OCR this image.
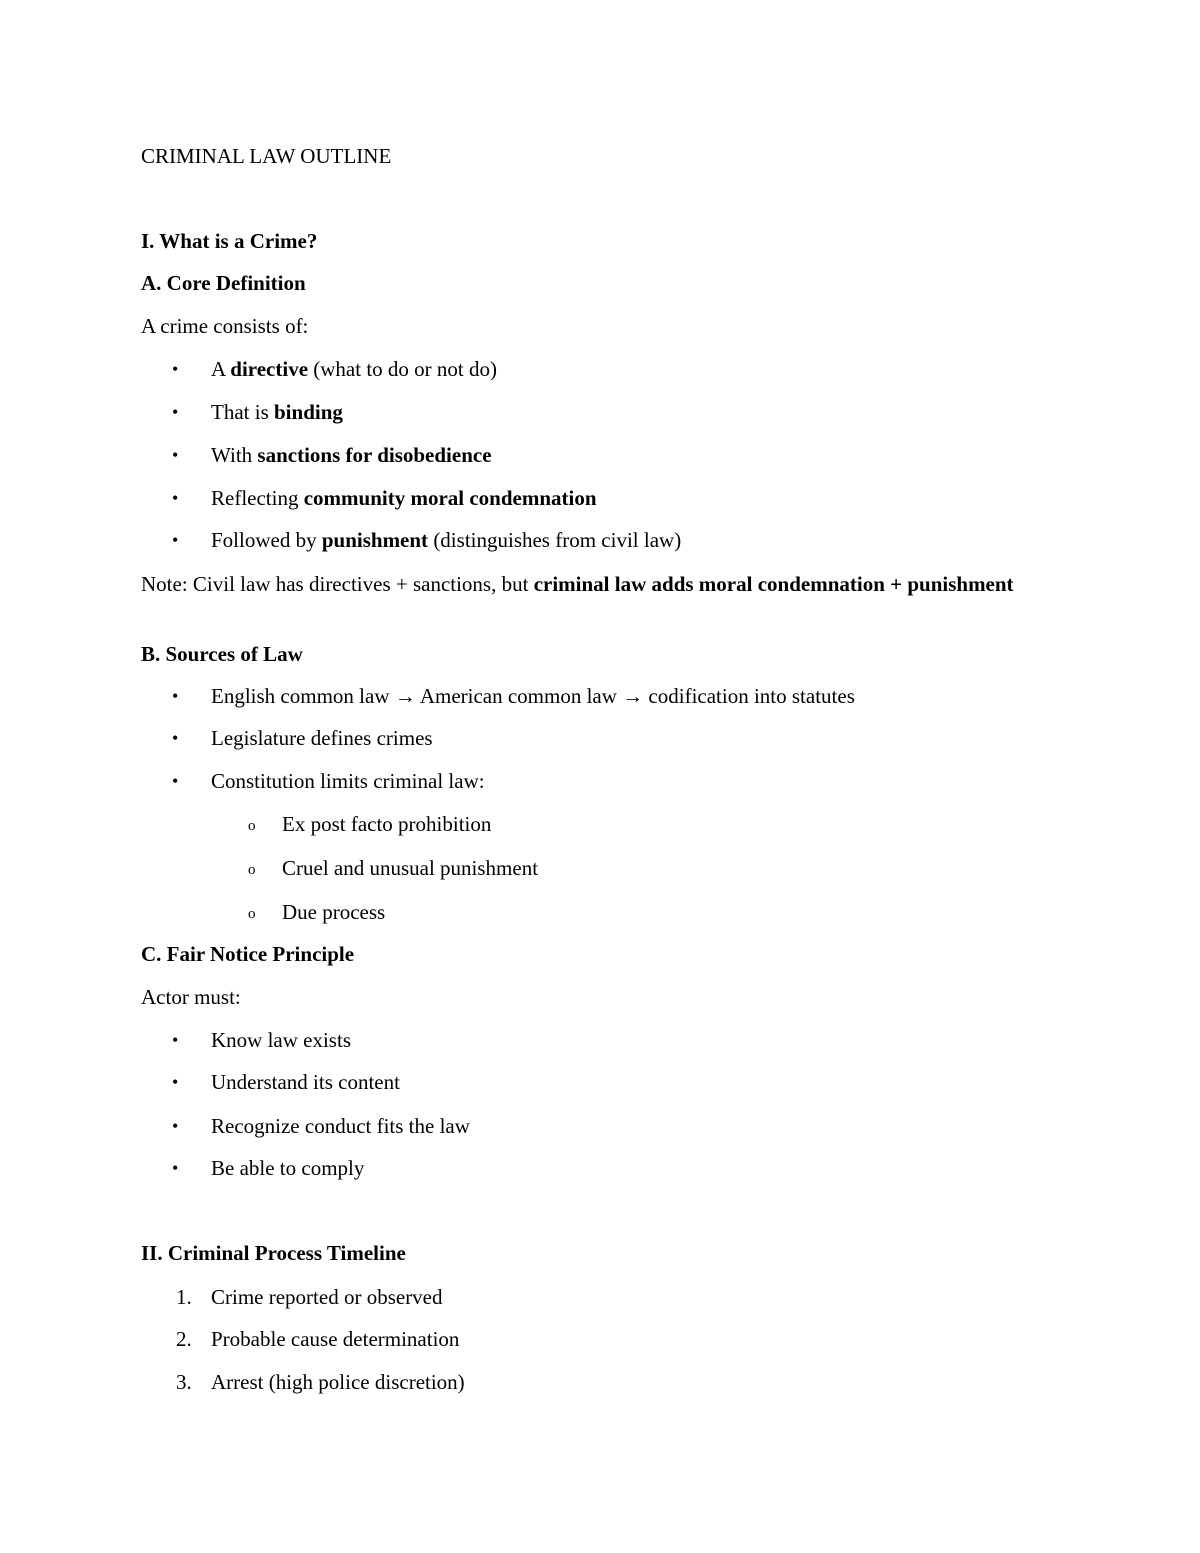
CRIMINAL LAW OUTLINE
I. What is a Crime?
A. Core Definition
A crime consists of:
• A directive (what to do or not do)
• That is binding
• With sanctions for disobedience
• Reflecting community moral condemnation
• Followed by punishment (distinguishes from civil law)
Note: Civil law has directives + sanctions, but criminal law adds moral condemnation + punishment
B. Sources of Law
• English common law → American common law → codification into statutes
• Legislature defines crimes
• Constitution limits criminal law:
o Ex post facto prohibition
o Cruel and unusual punishment
o Due process
C. Fair Notice Principle
Actor must:
• Know law exists
• Understand its content
• Recognize conduct fits the law
• Be able to comply
II. Criminal Process Timeline
1. Crime reported or observed
2. Probable cause determination
3. Arrest (high police discretion)
